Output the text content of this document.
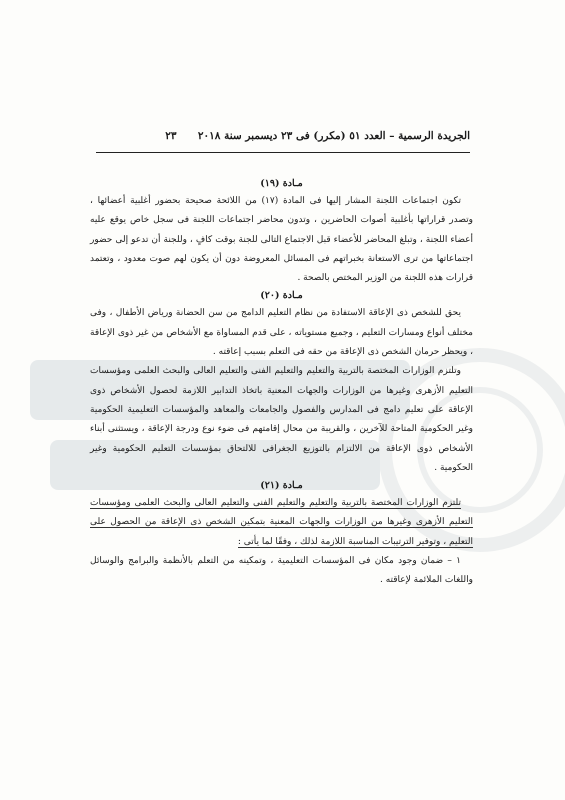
الجريدة الرسمية – العدد ٥١ (مكرر) فى ٢٣ ديسمبر سنة ٢٠١٨  ٢٣

مـادة (١٩)

تكون اجتماعات اللجنة المشار إليها فى المادة (١٧) من اللائحة صحيحة بحضور أغلبية أعضائها ، وتصدر قراراتها بأغلبية أصوات الحاضرين ، وتدون محاضر اجتماعات اللجنة فى سجل خاص يوقع عليه أعضاء اللجنة ، وتبلغ المحاضر للأعضاء قبل الاجتماع التالى للجنة بوقت كافٍ ، وللجنة أن تدعو إلى حضور اجتماعاتها من ترى الاستعانة بخبراتهم فى المسائل المعروضة دون أن يكون لهم صوت معدود ، وتعتمد قرارات هذه اللجنة من الوزير المختص بالصحة .

مـادة (٢٠)

يحق للشخص ذى الإعاقة الاستفادة من نظام التعليم الدامج من سن الحضانة ورياض الأطفال ، وفى مختلف أنواع ومسارات التعليم ، وجميع مستوياته ، على قدم المساواة مع الأشخاص من غير ذوى الإعاقة ، ويحظر حرمان الشخص ذى الإعاقة من حقه فى التعلم بسبب إعاقته .

وتلتزم الوزارات المختصة بالتربية والتعليم والتعليم الفنى والتعليم العالى والبحث العلمى ومؤسسات التعليم الأزهرى وغيرها من الوزارات والجهات المعنية باتخاذ التدابير اللازمة لحصول الأشخاص ذوى الإعاقة على تعليم دامج فى المدارس والفصول والجامعات والمعاهد والمؤسسات التعليمية الحكومية وغير الحكومية المتاحة للآخرين ، والقريبة من محال إقامتهم فى ضوء نوع ودرجة الإعاقة ، ويستثنى أبناء الأشخاص ذوى الإعاقة من الالتزام بالتوزيع الجغرافى للالتحاق بمؤسسات التعليم الحكومية وغير الحكومية .

مـادة (٢١)

تلتزم الوزارات المختصة بالتربية والتعليم والتعليم الفنى والتعليم العالى والبحث العلمى ومؤسسات التعليم الأزهرى وغيرها من الوزارات والجهات المعنية بتمكين الشخص ذى الإعاقة من الحصول على التعليم ، وتوفير الترتيبات المناسبة اللازمة لذلك ، وفقًا لما يأتى :

١ – ضمان وجود مكان فى المؤسسات التعليمية ، وتمكينه من التعلم بالأنظمة والبرامج والوسائل واللغات الملائمة لإعاقته .
